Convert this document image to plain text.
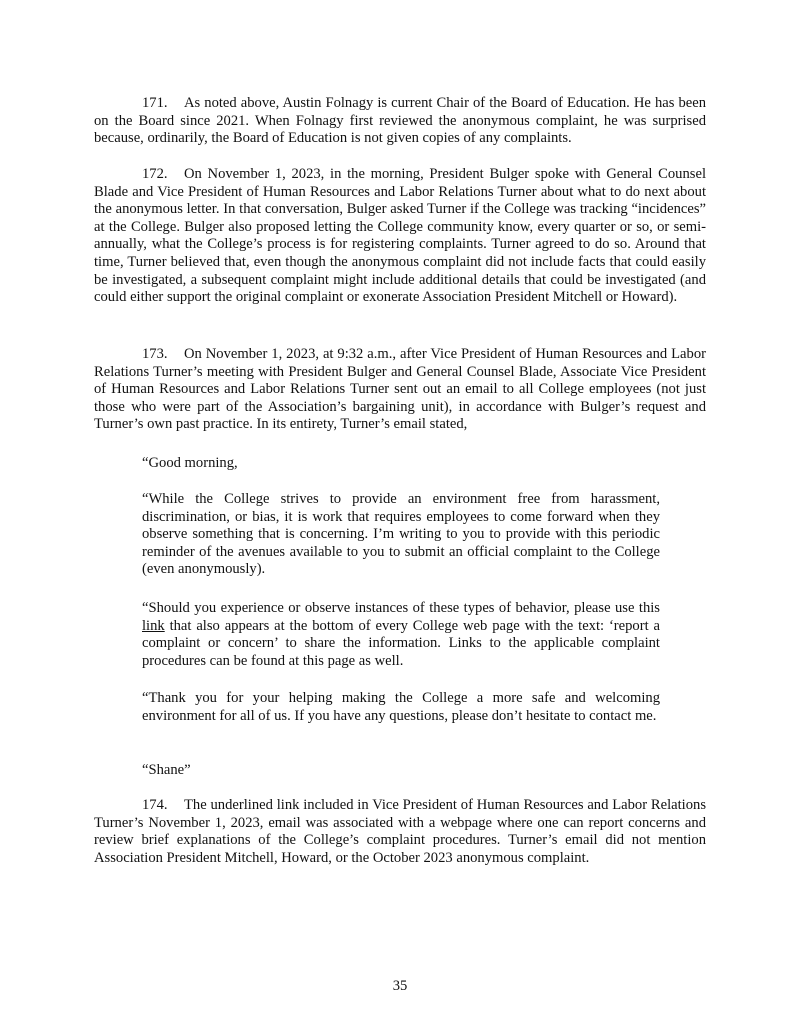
171. As noted above, Austin Folnagy is current Chair of the Board of Education. He has been on the Board since 2021. When Folnagy first reviewed the anonymous complaint, he was surprised because, ordinarily, the Board of Education is not given copies of any complaints.

172. On November 1, 2023, in the morning, President Bulger spoke with General Counsel Blade and Vice President of Human Resources and Labor Relations Turner about what to do next about the anonymous letter. In that conversation, Bulger asked Turner if the College was tracking “incidences” at the College. Bulger also proposed letting the College community know, every quarter or so, or semi-annually, what the College’s process is for registering complaints. Turner agreed to do so. Around that time, Turner believed that, even though the anonymous complaint did not include facts that could easily be investigated, a subsequent complaint might include additional details that could be investigated (and could either support the original complaint or exonerate Association President Mitchell or Howard).

173. On November 1, 2023, at 9:32 a.m., after Vice President of Human Resources and Labor Relations Turner’s meeting with President Bulger and General Counsel Blade, Associate Vice President of Human Resources and Labor Relations Turner sent out an email to all College employees (not just those who were part of the Association’s bargaining unit), in accordance with Bulger’s request and Turner’s own past practice. In its entirety, Turner’s email stated,

“Good morning,

“While the College strives to provide an environment free from harassment, discrimination, or bias, it is work that requires employees to come forward when they observe something that is concerning. I’m writing to you to provide with this periodic reminder of the avenues available to you to submit an official complaint to the College (even anonymously).

“Should you experience or observe instances of these types of behavior, please use this link that also appears at the bottom of every College web page with the text: ‘report a complaint or concern’ to share the information. Links to the applicable complaint procedures can be found at this page as well.

“Thank you for your helping making the College a more safe and welcoming environment for all of us. If you have any questions, please don’t hesitate to contact me.

“Shane”

174. The underlined link included in Vice President of Human Resources and Labor Relations Turner’s November 1, 2023, email was associated with a webpage where one can report concerns and review brief explanations of the College’s complaint procedures. Turner’s email did not mention Association President Mitchell, Howard, or the October 2023 anonymous complaint.

35
